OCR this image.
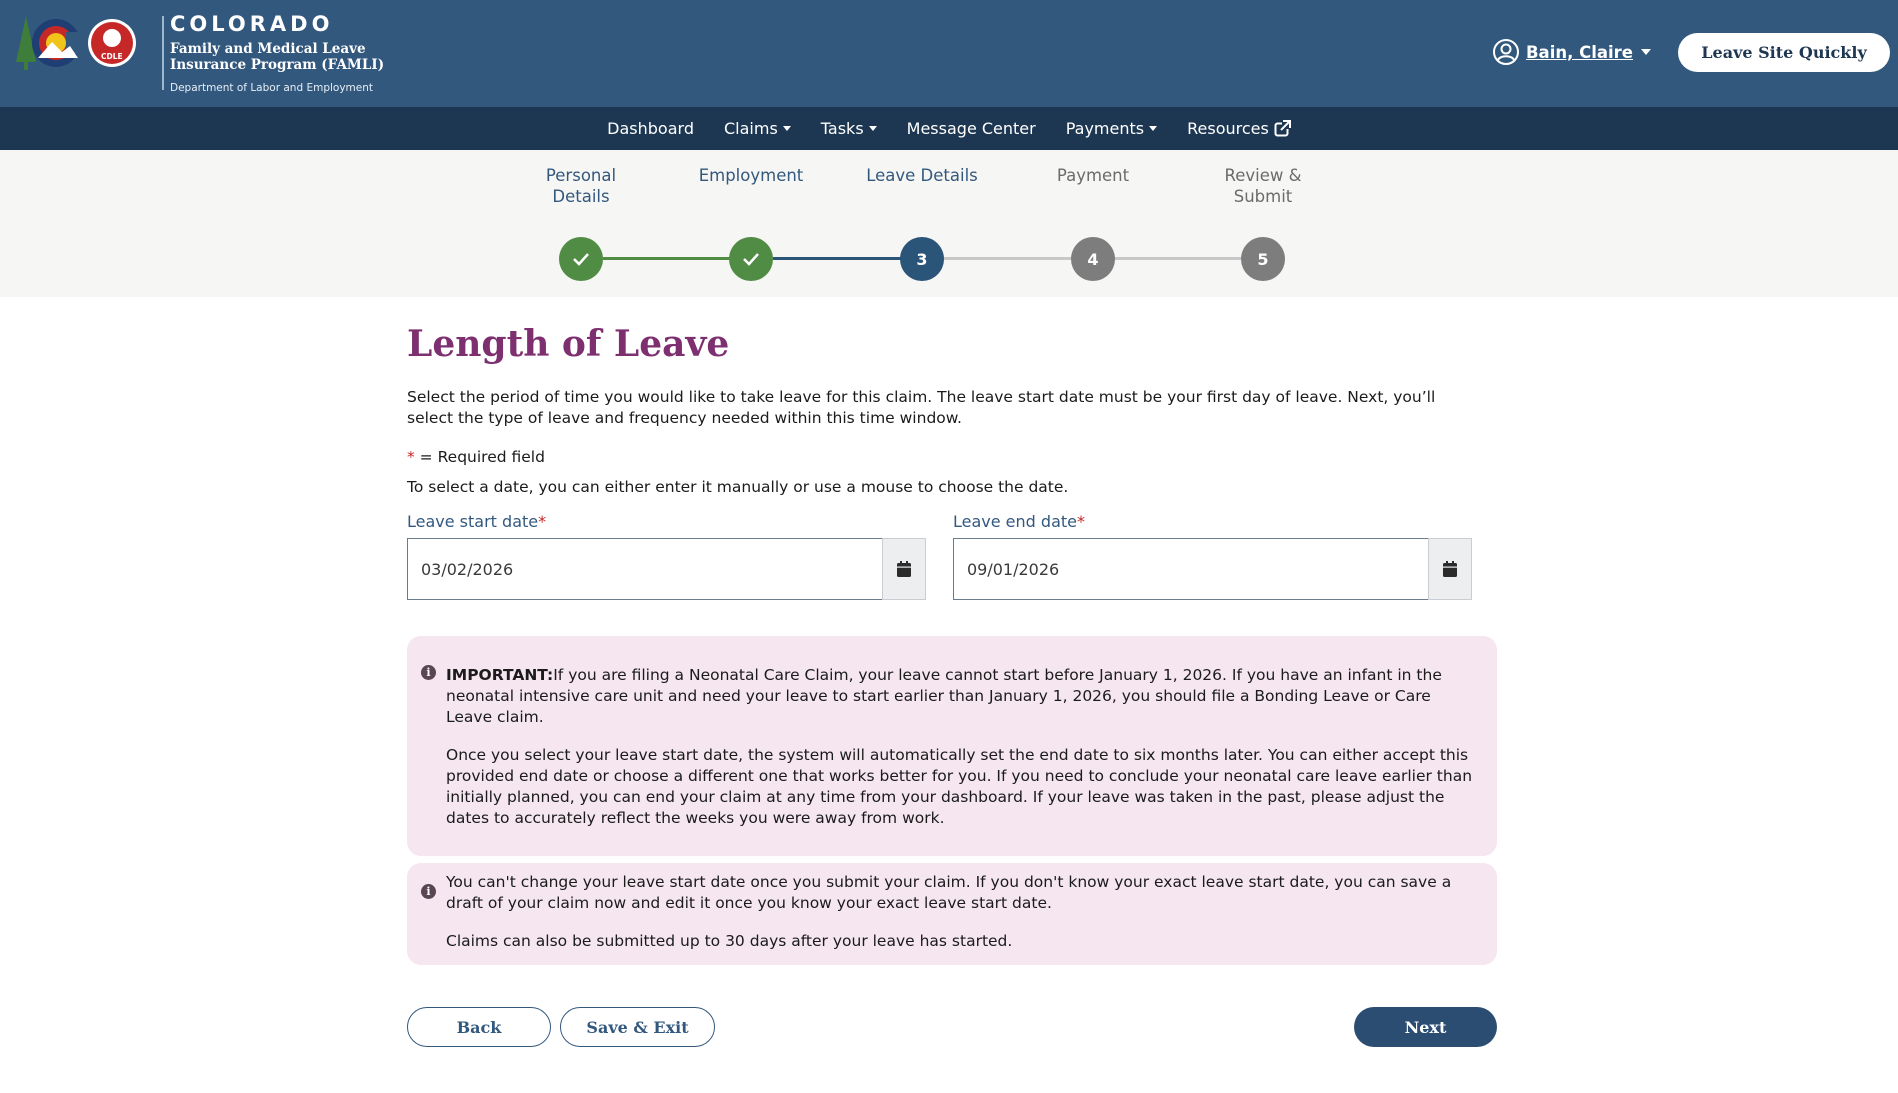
CDLE
COLORADO
Family and Medical Leave
Insurance Program (FAMLI)
Department of Labor and Employment
Bain, Claire	Leave Site Quickly
Dashboard Claims	Tasks	Message Center Payments	Resources
Personal
Details
Employment	Leave Details	Payment	Review &
Submit
3	4	5
Length of Leave

Select the period of time you would like to take leave for this claim. The leave start date must be your first day of leave. Next, you’ll select the type of leave and frequency needed within this time window.

* = Required field

To select a date, you can either enter it manually or use a mouse to choose the date.

Leave start date*
03/02/2026	Leave end date*
09/01/2026
i IMPORTANT:If you are filing a Neonatal Care Claim, your leave cannot start before January 1, 2026. If you have an infant in the neonatal intensive care unit and need your leave to start earlier than January 1, 2026, you should file a Bonding Leave or Care Leave claim.

Once you select your leave start date, the system will automatically set the end date to six months later. You can either accept this provided end date or choose a different one that works better for you. If you need to conclude your neonatal care leave earlier than initially planned, you can end your claim at any time from your dashboard. If your leave was taken in the past, please adjust the dates to accurately reflect the weeks you were away from work.

i

You can't change your leave start date once you submit your claim. If you don't know your exact leave start date, you can save a draft of your claim now and edit it once you know your exact leave start date.

Claims can also be submitted up to 30 days after your leave has started.

Back	Save & Exit	Next
